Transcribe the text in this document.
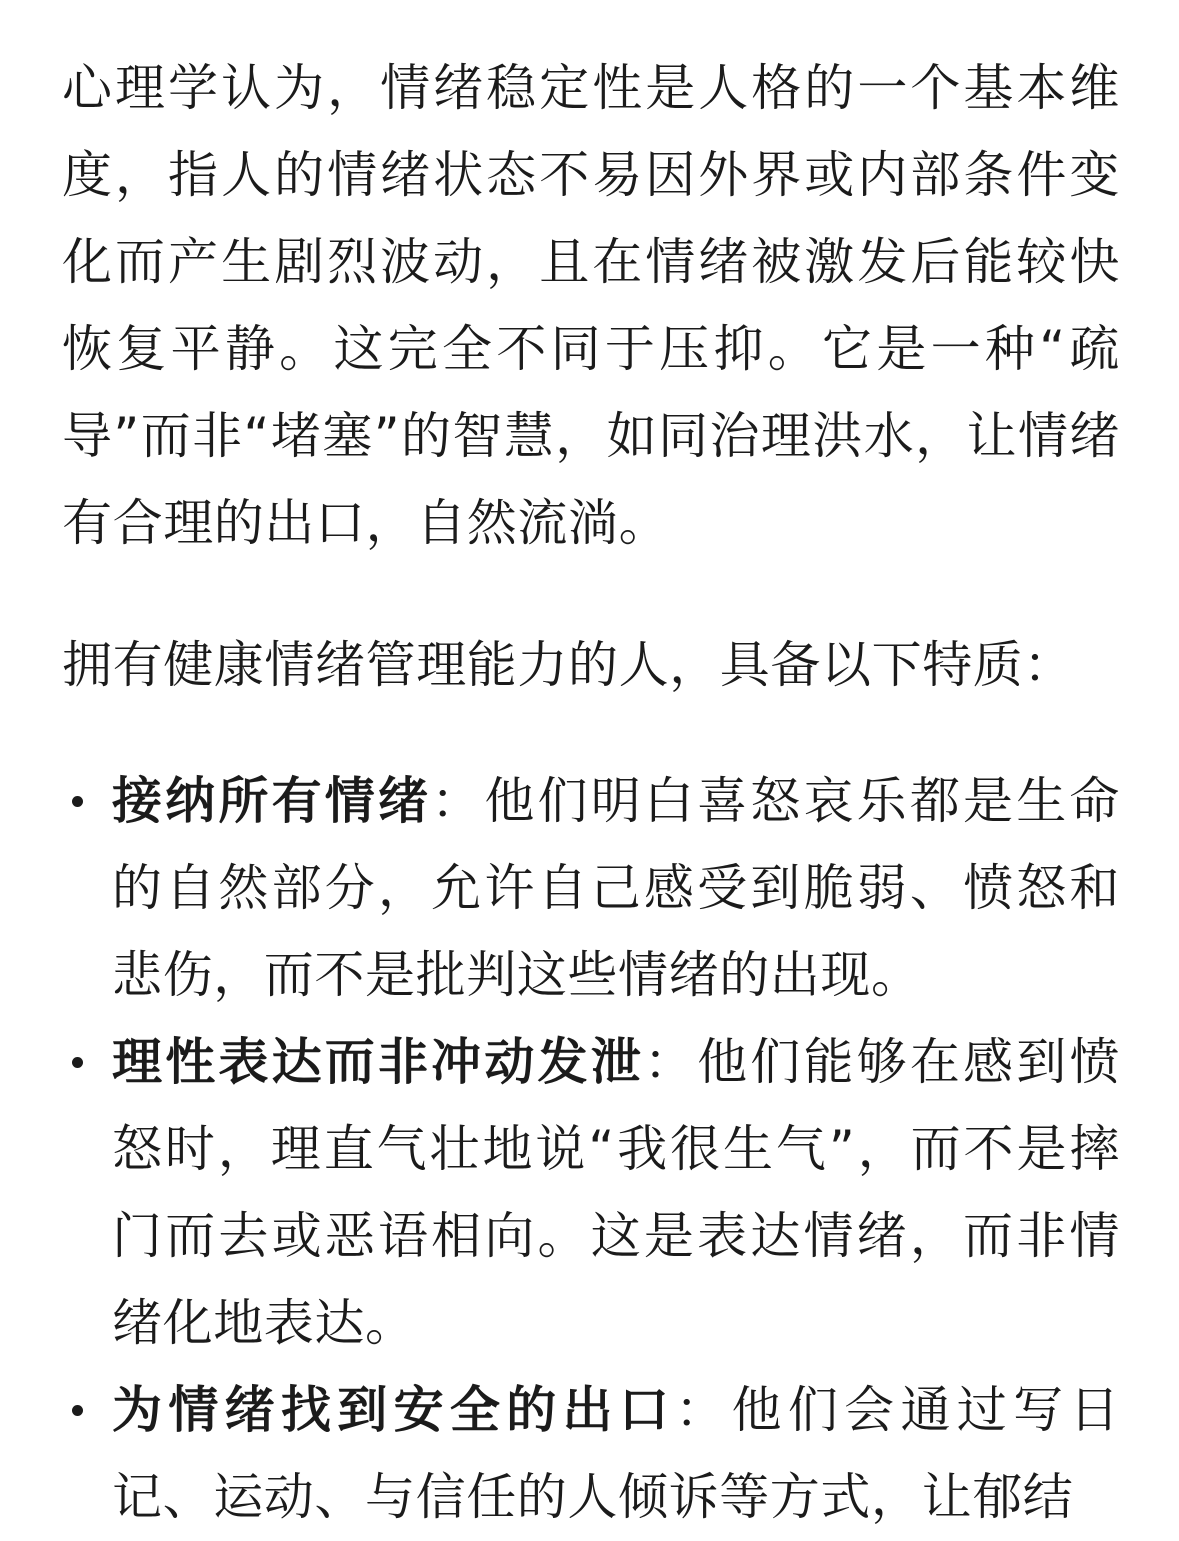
心理学认为，情绪稳定性是人格的一个基本维度，指人的情绪状态不易因外界或内部条件变化而产生剧烈波动，且在情绪被激发后能较快恢复平静。这完全不同于压抑。它是一种“疏导”而非“堵塞”的智慧，如同治理洪水，让情绪有合理的出口，自然流淌。

拥有健康情绪管理能力的人，具备以下特质：

接纳所有情绪：他们明白喜怒哀乐都是生命的自然部分，允许自己感受到脆弱、愤怒和悲伤，而不是批判这些情绪的出现。
理性表达而非冲动发泄：他们能够在感到愤怒时，理直气壮地说“我很生气”，而不是摔门而去或恶语相向。这是表达情绪，而非情绪化地表达。
为情绪找到安全的出口：他们会通过写日记、运动、与信任的人倾诉等方式，让郁结
